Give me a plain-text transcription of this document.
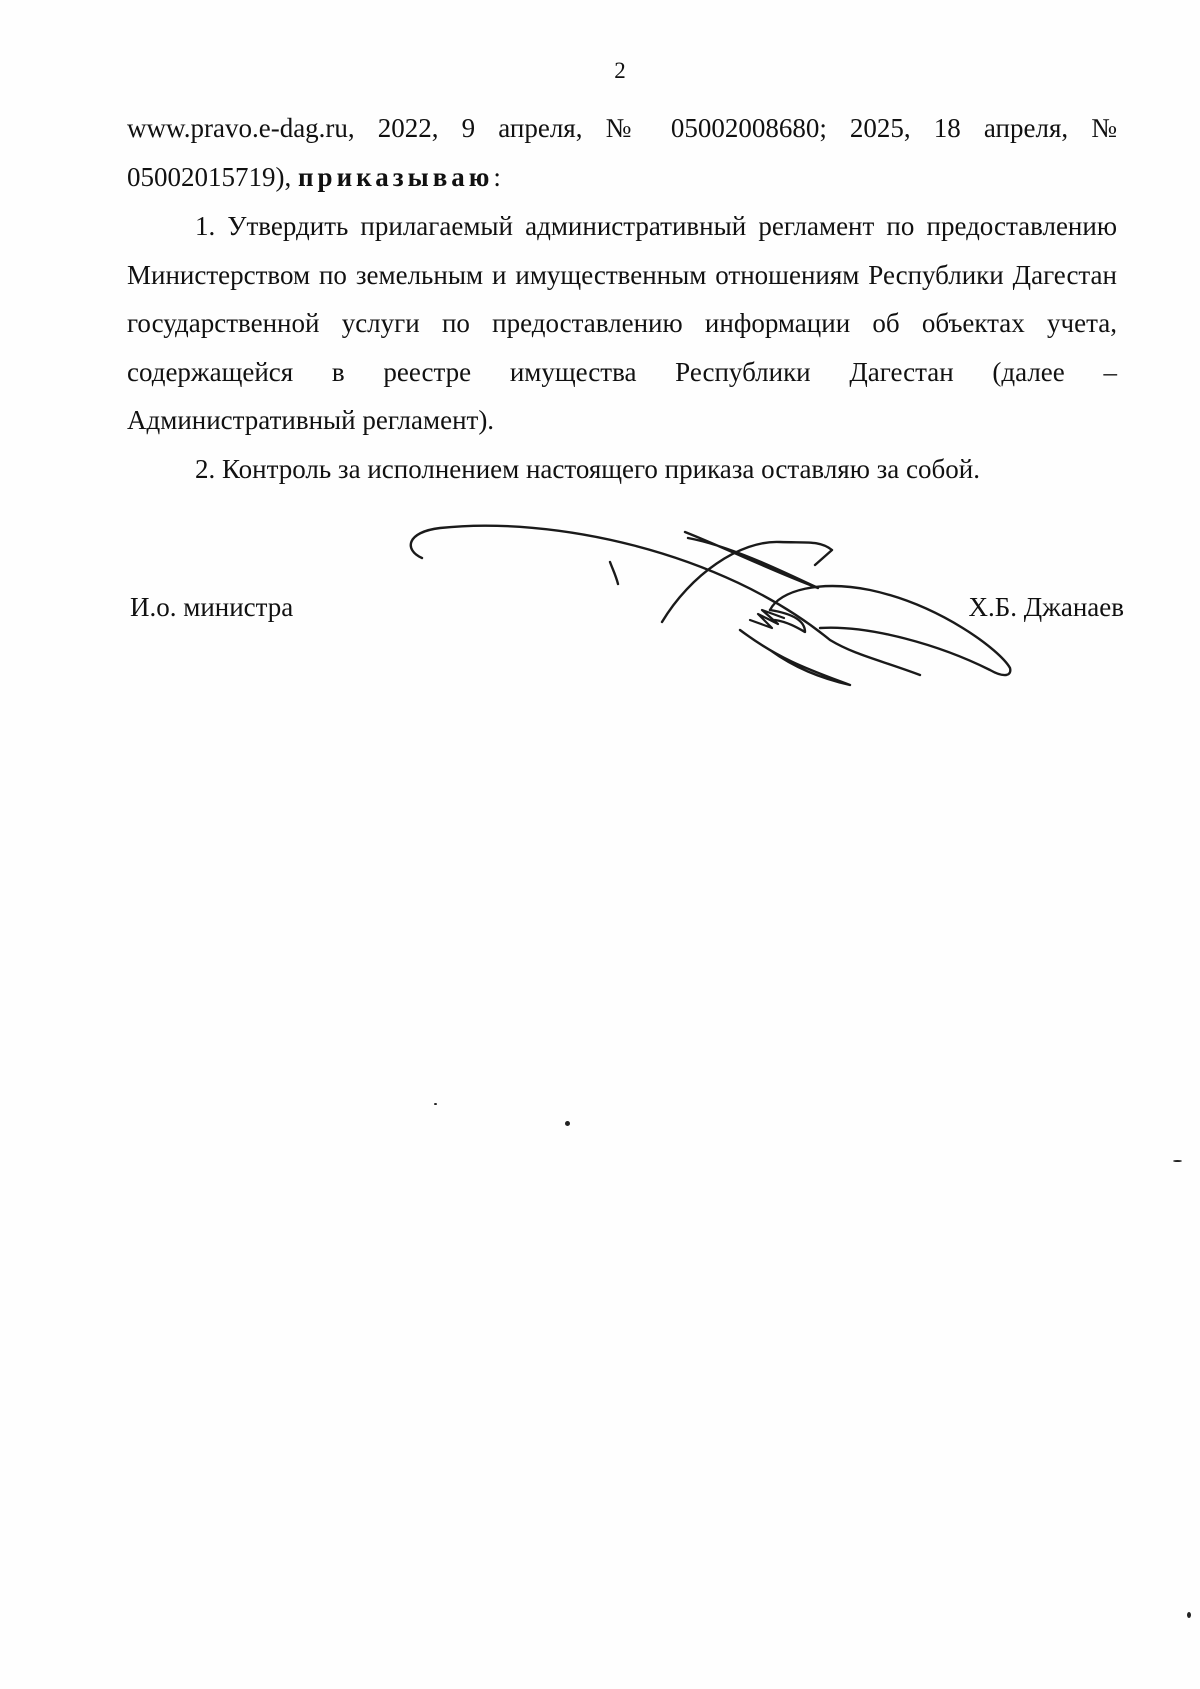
2
www.pravo.e-dag.ru, 2022, 9 апреля, № 05002008680; 2025, 18 апреля, № 05002015719), приказываю:
1. Утвердить прилагаемый административный регламент по предоставлению Министерством по земельным и имущественным отношениям Республики Дагестан государственной услуги по предоставлению информации об объектах учета, содержащейся в реестре имущества Республики Дагестан (далее – Административный регламент).
2. Контроль за исполнением настоящего приказа оставляю за собой.
И.о. министра	Х.Б. Джанаев
